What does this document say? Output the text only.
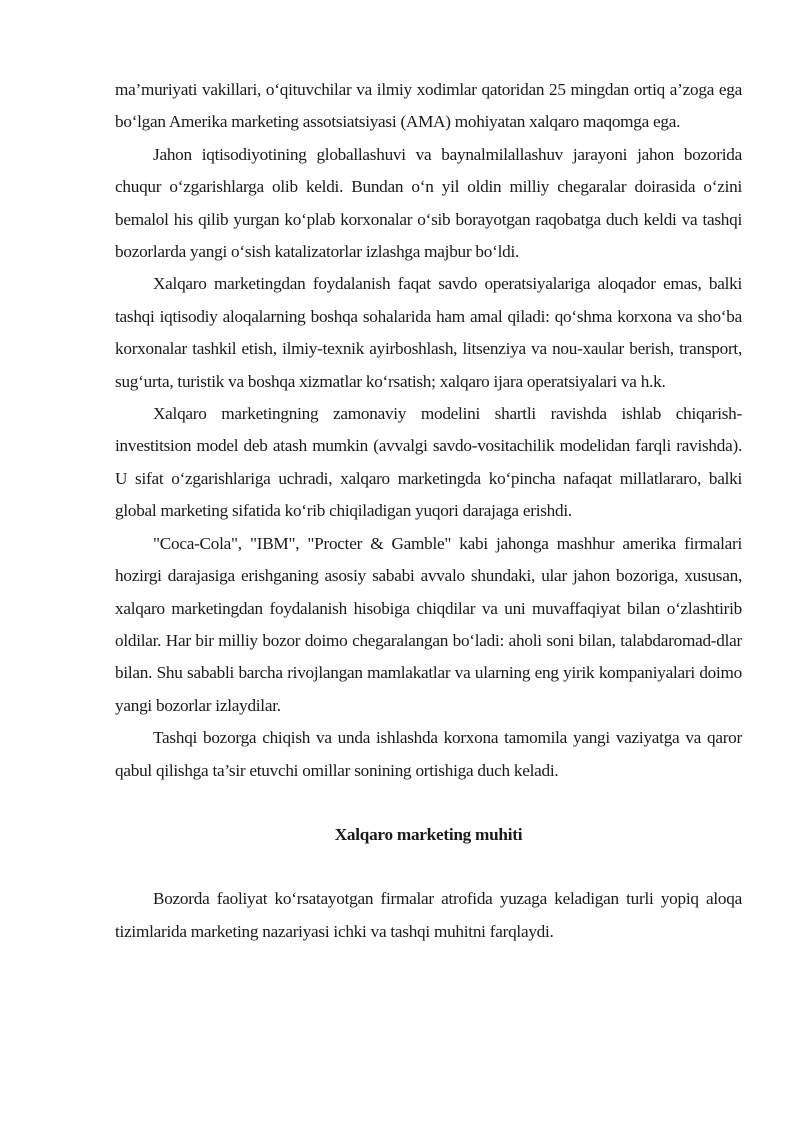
ma’muriyati vakillari, o‘qituvchilar va ilmiy xodimlar qatoridan 25 mingdan ortiq a’zoga ega bo‘lgan Amerika marketing assotsiatsiyasi (AMA) mohiyatan xalqaro maqomga ega.

Jahon iqtisodiyotining globallashuvi va baynalmilallashuv jarayoni jahon bozorida chuqur o‘zgarishlarga olib keldi. Bundan o‘n yil oldin milliy chegaralar doirasida o‘zini bemalol his qilib yurgan ko‘plab korxonalar o‘sib borayotgan raqobatga duch keldi va tashqi bozorlarda yangi o‘sish katalizatorlar izlashga majbur bo‘ldi.

Xalqaro marketingdan foydalanish faqat savdo operatsiyalariga aloqador emas, balki tashqi iqtisodiy aloqalarning boshqa sohalarida ham amal qiladi: qo‘shma korxona va sho‘ba korxonalar tashkil etish, ilmiy-texnik ayirboshlash, litsenziya va nou-xaular berish, transport, sug‘urta, turistik va boshqa xizmatlar ko‘rsatish; xalqaro ijara operatsiyalari va h.k.

Xalqaro marketingning zamonaviy modelini shartli ravishda ishlab chiqarish-investitsion model deb atash mumkin (avvalgi savdo-vositachilik modelidan farqli ravishda). U sifat o‘zgarishlariga uchradi, xalqaro marketingda ko‘pincha nafaqat millatlararo, balki global marketing sifatida ko‘rib chiqiladigan yuqori darajaga erishdi.

"Coca-Cola", "IBM", "Procter & Gamble" kabi jahonga mashhur amerika firmalari hozirgi darajasiga erishganing asosiy sababi avvalo shundaki, ular jahon bozoriga, xususan, xalqaro marketingdan foydalanish hisobiga chiqdilar va uni muvaffaqiyat bilan o‘zlashtirib oldilar. Har bir milliy bozor doimo chegaralangan bo‘ladi: aholi soni bilan, talabdaromad-dlar bilan. Shu sababli barcha rivojlangan mamlakatlar va ularning eng yirik kompaniyalari doimo yangi bozorlar izlaydilar.

Tashqi bozorga chiqish va unda ishlashda korxona tamomila yangi vaziyatga va qaror qabul qilishga ta’sir etuvchi omillar sonining ortishiga duch keladi.

Xalqaro marketing muhiti

Bozorda faoliyat ko‘rsatayotgan firmalar atrofida yuzaga keladigan turli yopiq aloqa tizimlarida marketing nazariyasi ichki va tashqi muhitni farqlaydi.
